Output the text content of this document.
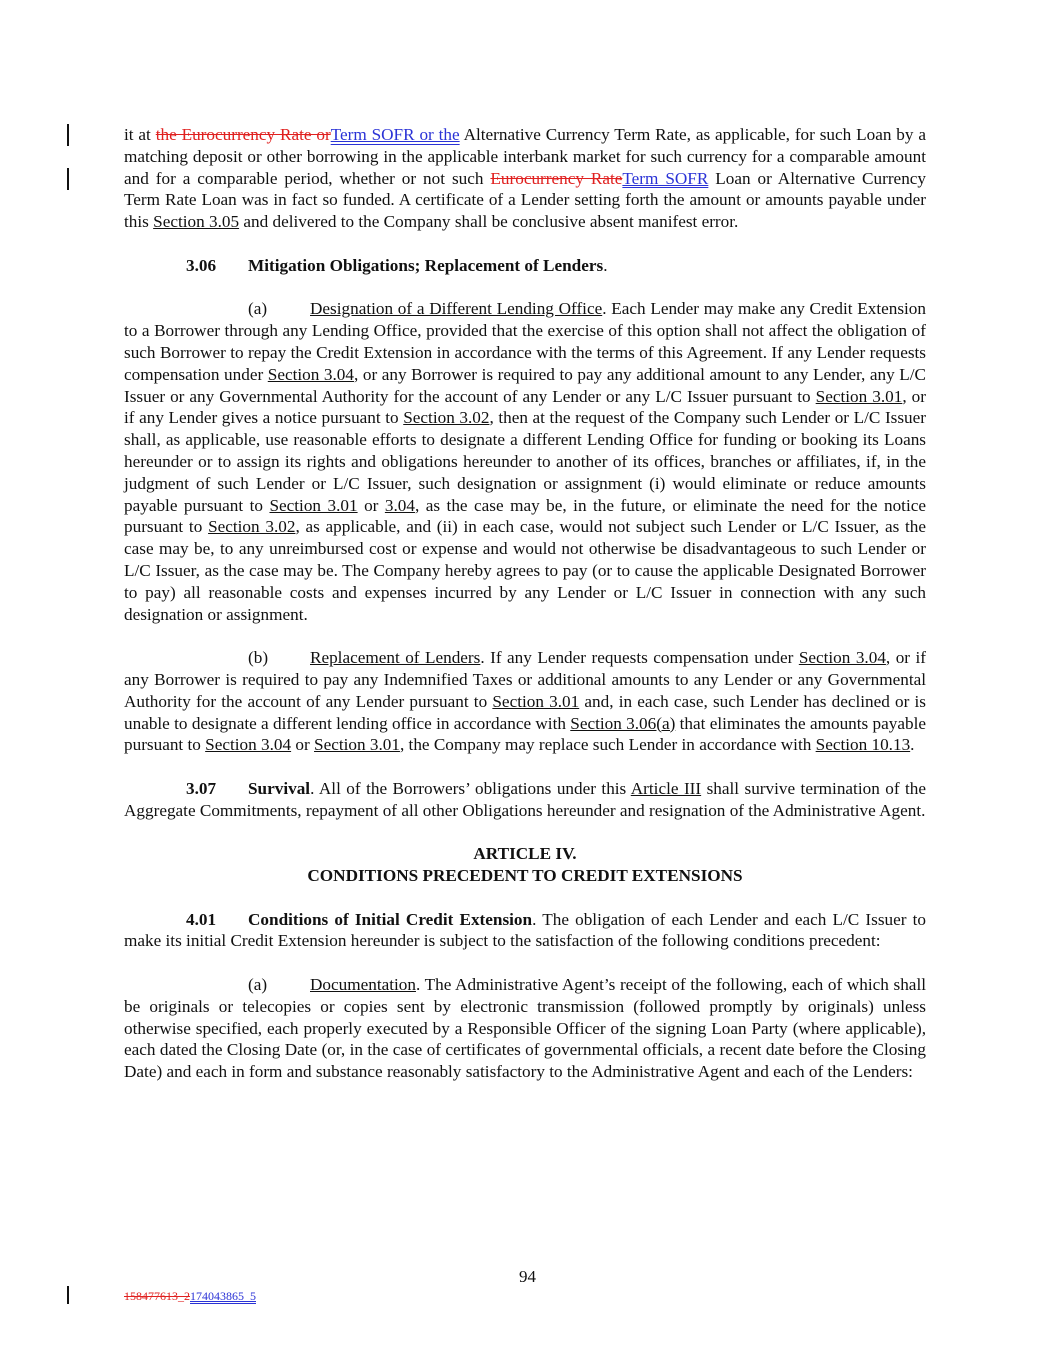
it at the Eurocurrency Rate orTerm SOFR or the Alternative Currency Term Rate, as applicable, for such Loan by a matching deposit or other borrowing in the applicable interbank market for such currency for a comparable amount and for a comparable period, whether or not such Eurocurrency RateTerm SOFR Loan or Alternative Currency Term Rate Loan was in fact so funded. A certificate of a Lender setting forth the amount or amounts payable under this Section 3.05 and delivered to the Company shall be conclusive absent manifest error.

3.06 Mitigation Obligations; Replacement of Lenders.

(a) Designation of a Different Lending Office. Each Lender may make any Credit Extension to a Borrower through any Lending Office, provided that the exercise of this option shall not affect the obligation of such Borrower to repay the Credit Extension in accordance with the terms of this Agreement. If any Lender requests compensation under Section 3.04, or any Borrower is required to pay any additional amount to any Lender, any L/C Issuer or any Governmental Authority for the account of any Lender or any L/C Issuer pursuant to Section 3.01, or if any Lender gives a notice pursuant to Section 3.02, then at the request of the Company such Lender or L/C Issuer shall, as applicable, use reasonable efforts to designate a different Lending Office for funding or booking its Loans hereunder or to assign its rights and obligations hereunder to another of its offices, branches or affiliates, if, in the judgment of such Lender or L/C Issuer, such designation or assignment (i) would eliminate or reduce amounts payable pursuant to Section 3.01 or 3.04, as the case may be, in the future, or eliminate the need for the notice pursuant to Section 3.02, as applicable, and (ii) in each case, would not subject such Lender or L/C Issuer, as the case may be, to any unreimbursed cost or expense and would not otherwise be disadvantageous to such Lender or L/C Issuer, as the case may be. The Company hereby agrees to pay (or to cause the applicable Designated Borrower to pay) all reasonable costs and expenses incurred by any Lender or L/C Issuer in connection with any such designation or assignment.

(b) Replacement of Lenders. If any Lender requests compensation under Section 3.04, or if any Borrower is required to pay any Indemnified Taxes or additional amounts to any Lender or any Governmental Authority for the account of any Lender pursuant to Section 3.01 and, in each case, such Lender has declined or is unable to designate a different lending office in accordance with Section 3.06(a) that eliminates the amounts payable pursuant to Section 3.04 or Section 3.01, the Company may replace such Lender in accordance with Section 10.13.

3.07 Survival. All of the Borrowers’ obligations under this Article III shall survive termination of the Aggregate Commitments, repayment of all other Obligations hereunder and resignation of the Administrative Agent.

ARTICLE IV.
CONDITIONS PRECEDENT TO CREDIT EXTENSIONS

4.01 Conditions of Initial Credit Extension. The obligation of each Lender and each L/C Issuer to make its initial Credit Extension hereunder is subject to the satisfaction of the following conditions precedent:

(a) Documentation. The Administrative Agent’s receipt of the following, each of which shall be originals or telecopies or copies sent by electronic transmission (followed promptly by originals) unless otherwise specified, each properly executed by a Responsible Officer of the signing Loan Party (where applicable), each dated the Closing Date (or, in the case of certificates of governmental officials, a recent date before the Closing Date) and each in form and substance reasonably satisfactory to the Administrative Agent and each of the Lenders:

94
158477613_2174043865_5
